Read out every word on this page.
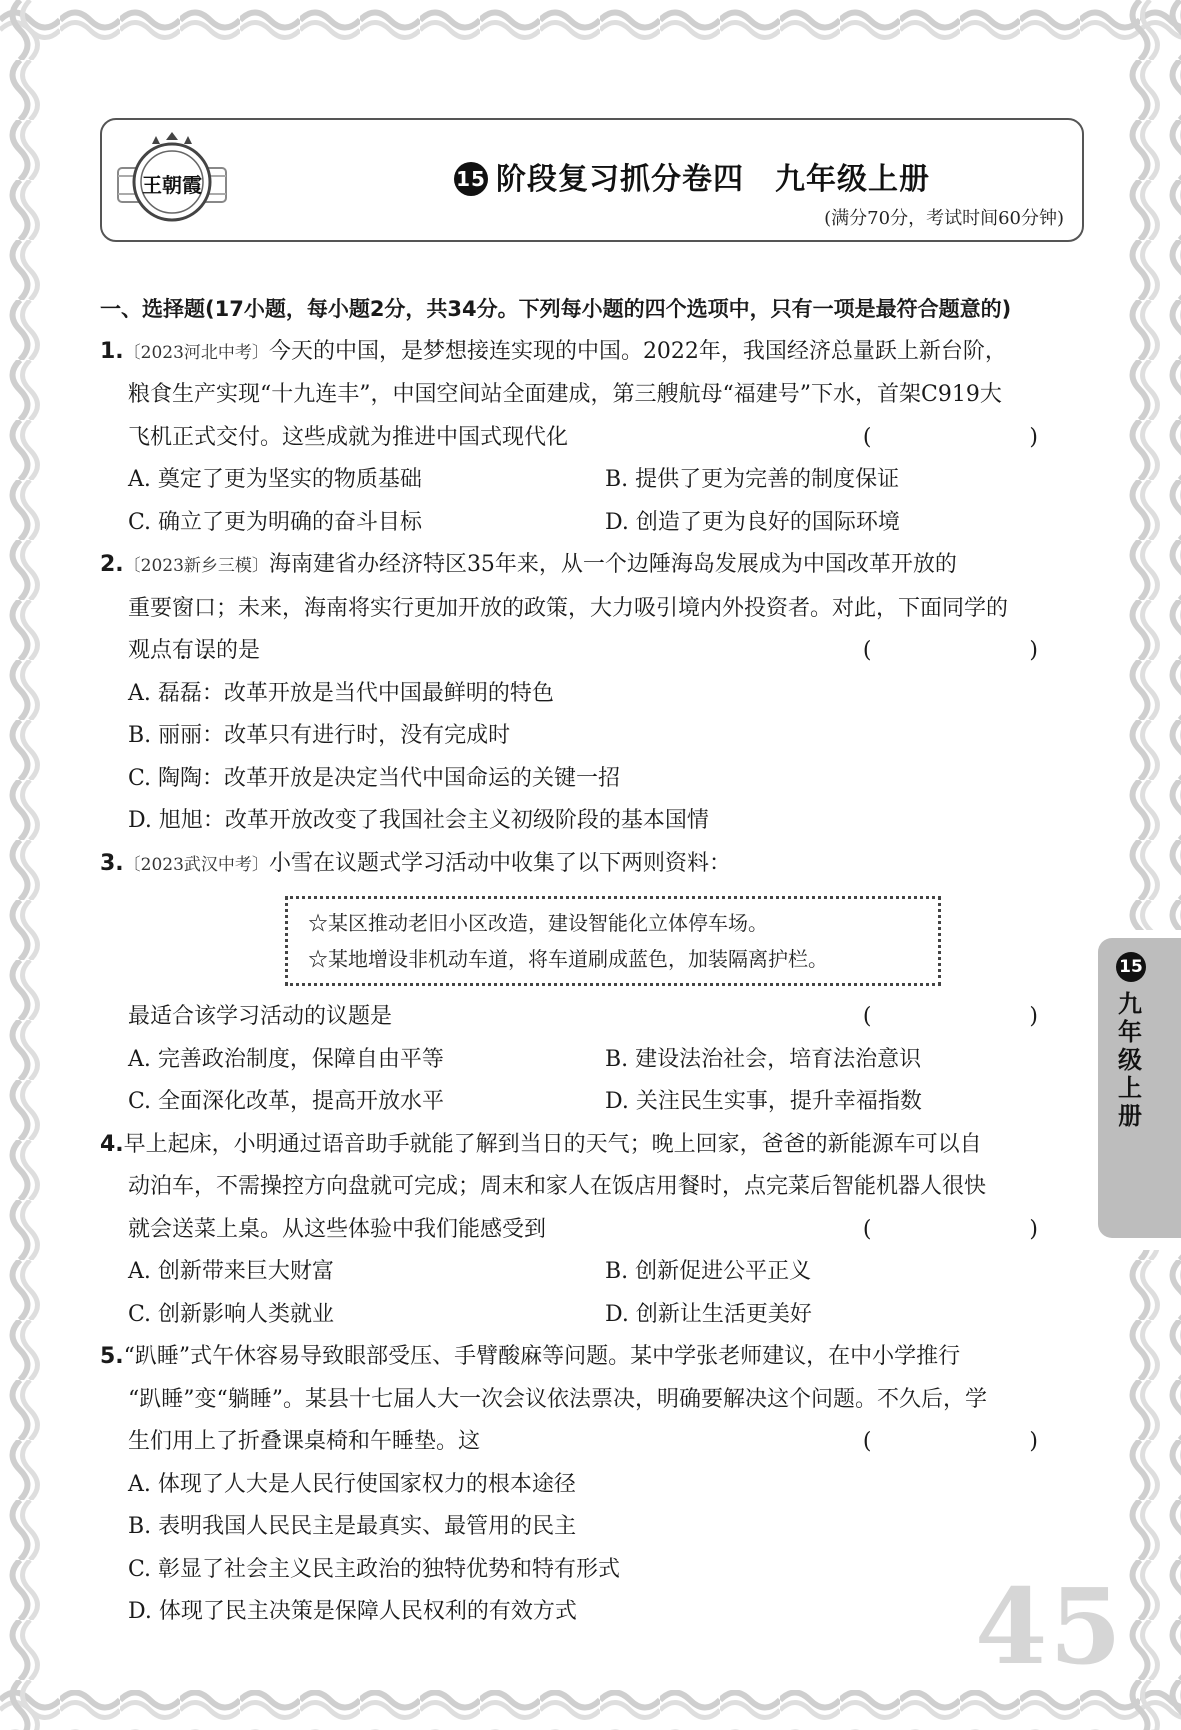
王朝霞	15 阶段复习抓分卷四　九年级上册
(满分70分，考试时间60分钟)
一、选择题(17小题，每小题2分，共34分。下列每小题的四个选项中，只有一项是最符合题意的)
1.〔2023河北中考〕今天的中国，是梦想接连实现的中国。2022年，我国经济总量跃上新台阶，
粮食生产实现“十九连丰”，中国空间站全面建成，第三艘航母“福建号”下水，首架C919大
飞机正式交付。这些成就为推进中国式现代化	(　　)
A. 奠定了更为坚实的物质基础	B. 提供了更为完善的制度保证
C. 确立了更为明确的奋斗目标	D. 创造了更为良好的国际环境
2.〔2023新乡三模〕海南建省办经济特区35年来，从一个边陲海岛发展成为中国改革开放的
重要窗口；未来，海南将实行更加开放的政策，大力吸引境内外投资者。对此，下面同学的
观点有 •误 •的是	(　　)
A. 磊磊：改革开放是当代中国最鲜明的特色
B. 丽丽：改革只有进行时，没有完成时
C. 陶陶：改革开放是决定当代中国命运的关键一招
D. 旭旭：改革开放改变了我国社会主义初级阶段的基本国情
3.〔2023武汉中考〕小雪在议题式学习活动中收集了以下两则资料：
☆某区推动老旧小区改造，建设智能化立体停车场。
☆某地增设非机动车道，将车道刷成蓝色，加装隔离护栏。
最适合该学习活动的议题是	(　　)
A. 完善政治制度，保障自由平等	B. 建设法治社会，培育法治意识
C. 全面深化改革，提高开放水平	D. 关注民生实事，提升幸福指数
4.早上起床，小明通过语音助手就能了解到当日的天气；晚上回家，爸爸的新能源车可以自
动泊车，不需操控方向盘就可完成；周末和家人在饭店用餐时，点完菜后智能机器人很快
就会送菜上桌。从这些体验中我们能感受到	(　　)
A. 创新带来巨大财富	B. 创新促进公平正义
C. 创新影响人类就业	D. 创新让生活更美好
5.“趴睡”式午休容易导致眼部受压、手臂酸麻等问题。某中学张老师建议，在中小学推行
“趴睡”变“躺睡”。某县十七届人大一次会议依法票决，明确要解决这个问题。不久后，学
生们用上了折叠课桌椅和午睡垫。这	(　　)
A. 体现了人大是人民行使国家权力的根本途径
B. 表明我国人民民主是最真实、最管用的民主
C. 彰显了社会主义民主政治的独特优势和特有形式
D. 体现了民主决策是保障人民权利的有效方式
15
九年级上册
45
